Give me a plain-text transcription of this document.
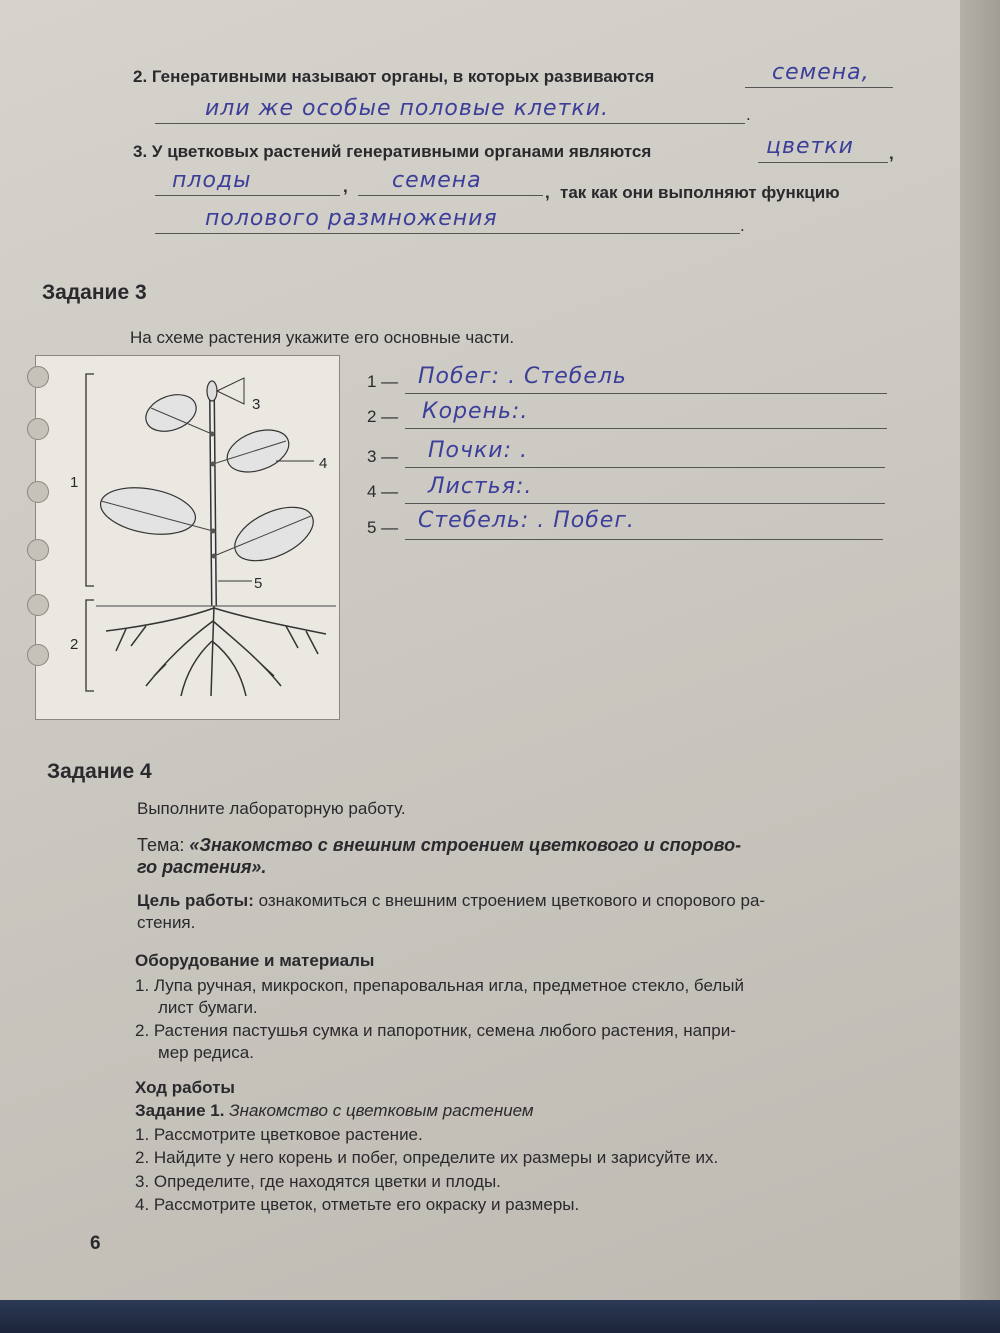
2. Генеративными называют органы, в которых развиваются	семена,
или же особые половые клетки.	.
3. У цветковых растений генеративными органами являются	цветки ,
плоды	, семена	, так как они выполняют функцию
полового размножения	.
Задание 3
На схеме растения укажите его основные части.
1
2
3
4
5
1 — Побег: . Стебель
2 — Корень:.
3 — Почки: .
4 — Листья:.
5 — Стебель: . Побег.
Задание 4
Выполните лабораторную работу.
Тема: «Знакомство с внешним строением цветкового и спорово-
го растения».
Цель работы: ознакомиться с внешним строением цветкового и спорового ра-
стения.
Оборудование и материалы
1. Лупа ручная, микроскоп, препаровальная игла, предметное стекло, белый
лист бумаги.
2. Растения пастушья сумка и папоротник, семена любого растения, напри-
мер редиса.
Ход работы
Задание 1. Знакомство с цветковым растением
1. Рассмотрите цветковое растение.
2. Найдите у него корень и побег, определите их размеры и зарисуйте их.
3. Определите, где находятся цветки и плоды.
4. Рассмотрите цветок, отметьте его окраску и размеры.
6
